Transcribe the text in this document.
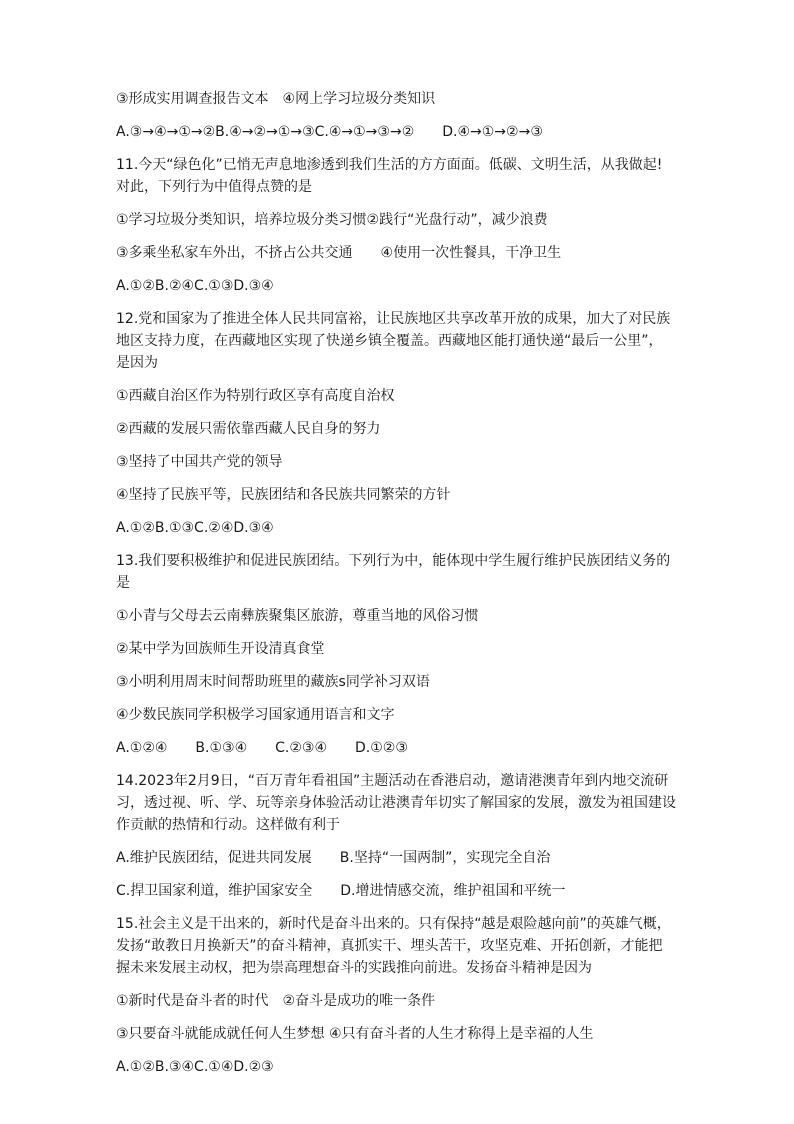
③形成实用调查报告文本　④网上学习垃圾分类知识

A.③→④→①→②B.④→②→①→③C.④→①→③→②　　D.④→①→②→③

11.今天“绿色化”已悄无声息地渗透到我们生活的方方面面。低碳、文明生活，从我做起!对此，下列行为中值得点赞的是

①学习垃圾分类知识，培养垃圾分类习惯②践行“光盘行动”，减少浪费

③多乘坐私家车外出，不挤占公共交通　　④使用一次性餐具，干净卫生

A.①②B.②④C.①③D.③④

12.党和国家为了推进全体人民共同富裕，让民族地区共享改革开放的成果，加大了对民族地区支持力度，在西藏地区实现了快递乡镇全覆盖。西藏地区能打通快递“最后一公里”，是因为

①西藏自治区作为特别行政区享有高度自治权

②西藏的发展只需依靠西藏人民自身的努力

③坚持了中国共产党的领导

④坚持了民族平等，民族团结和各民族共同繁荣的方针

A.①②B.①③C.②④D.③④

13.我们要积极维护和促进民族团结。下列行为中，能体现中学生履行维护民族团结义务的是

①小青与父母去云南彝族聚集区旅游，尊重当地的风俗习惯

②某中学为回族师生开设清真食堂

③小明利用周末时间帮助班里的藏族s同学补习双语

④少数民族同学积极学习国家通用语言和文字

A.①②④　　B.①③④　　C.②③④　　D.①②③

14.2023年2月9日，“百万青年看祖国”主题活动在香港启动，邀请港澳青年到内地交流研习，透过视、听、学、玩等亲身体验活动让港澳青年切实了解国家的发展，激发为祖国建设作贡献的热情和行动。这样做有利于

A.维护民族团结，促进共同发展　　B.坚持“一国两制”，实现完全自治

C.捍卫国家利道，维护国家安全　　D.增进情感交流，维护祖国和平统一

15.社会主义是干出来的，新时代是奋斗出来的。只有保持“越是艰险越向前”的英雄气概，发扬“敢教日月换新天”的奋斗精神，真抓实干、埋头苦干，攻坚克难、开拓创新，才能把握未来发展主动权，把为崇高理想奋斗的实践推向前进。发扬奋斗精神是因为

①新时代是奋斗者的时代　②奋斗是成功的唯一条件

③只要奋斗就能成就任何人生梦想 ④只有奋斗者的人生才称得上是幸福的人生

A.①②B.③④C.①④D.②③
